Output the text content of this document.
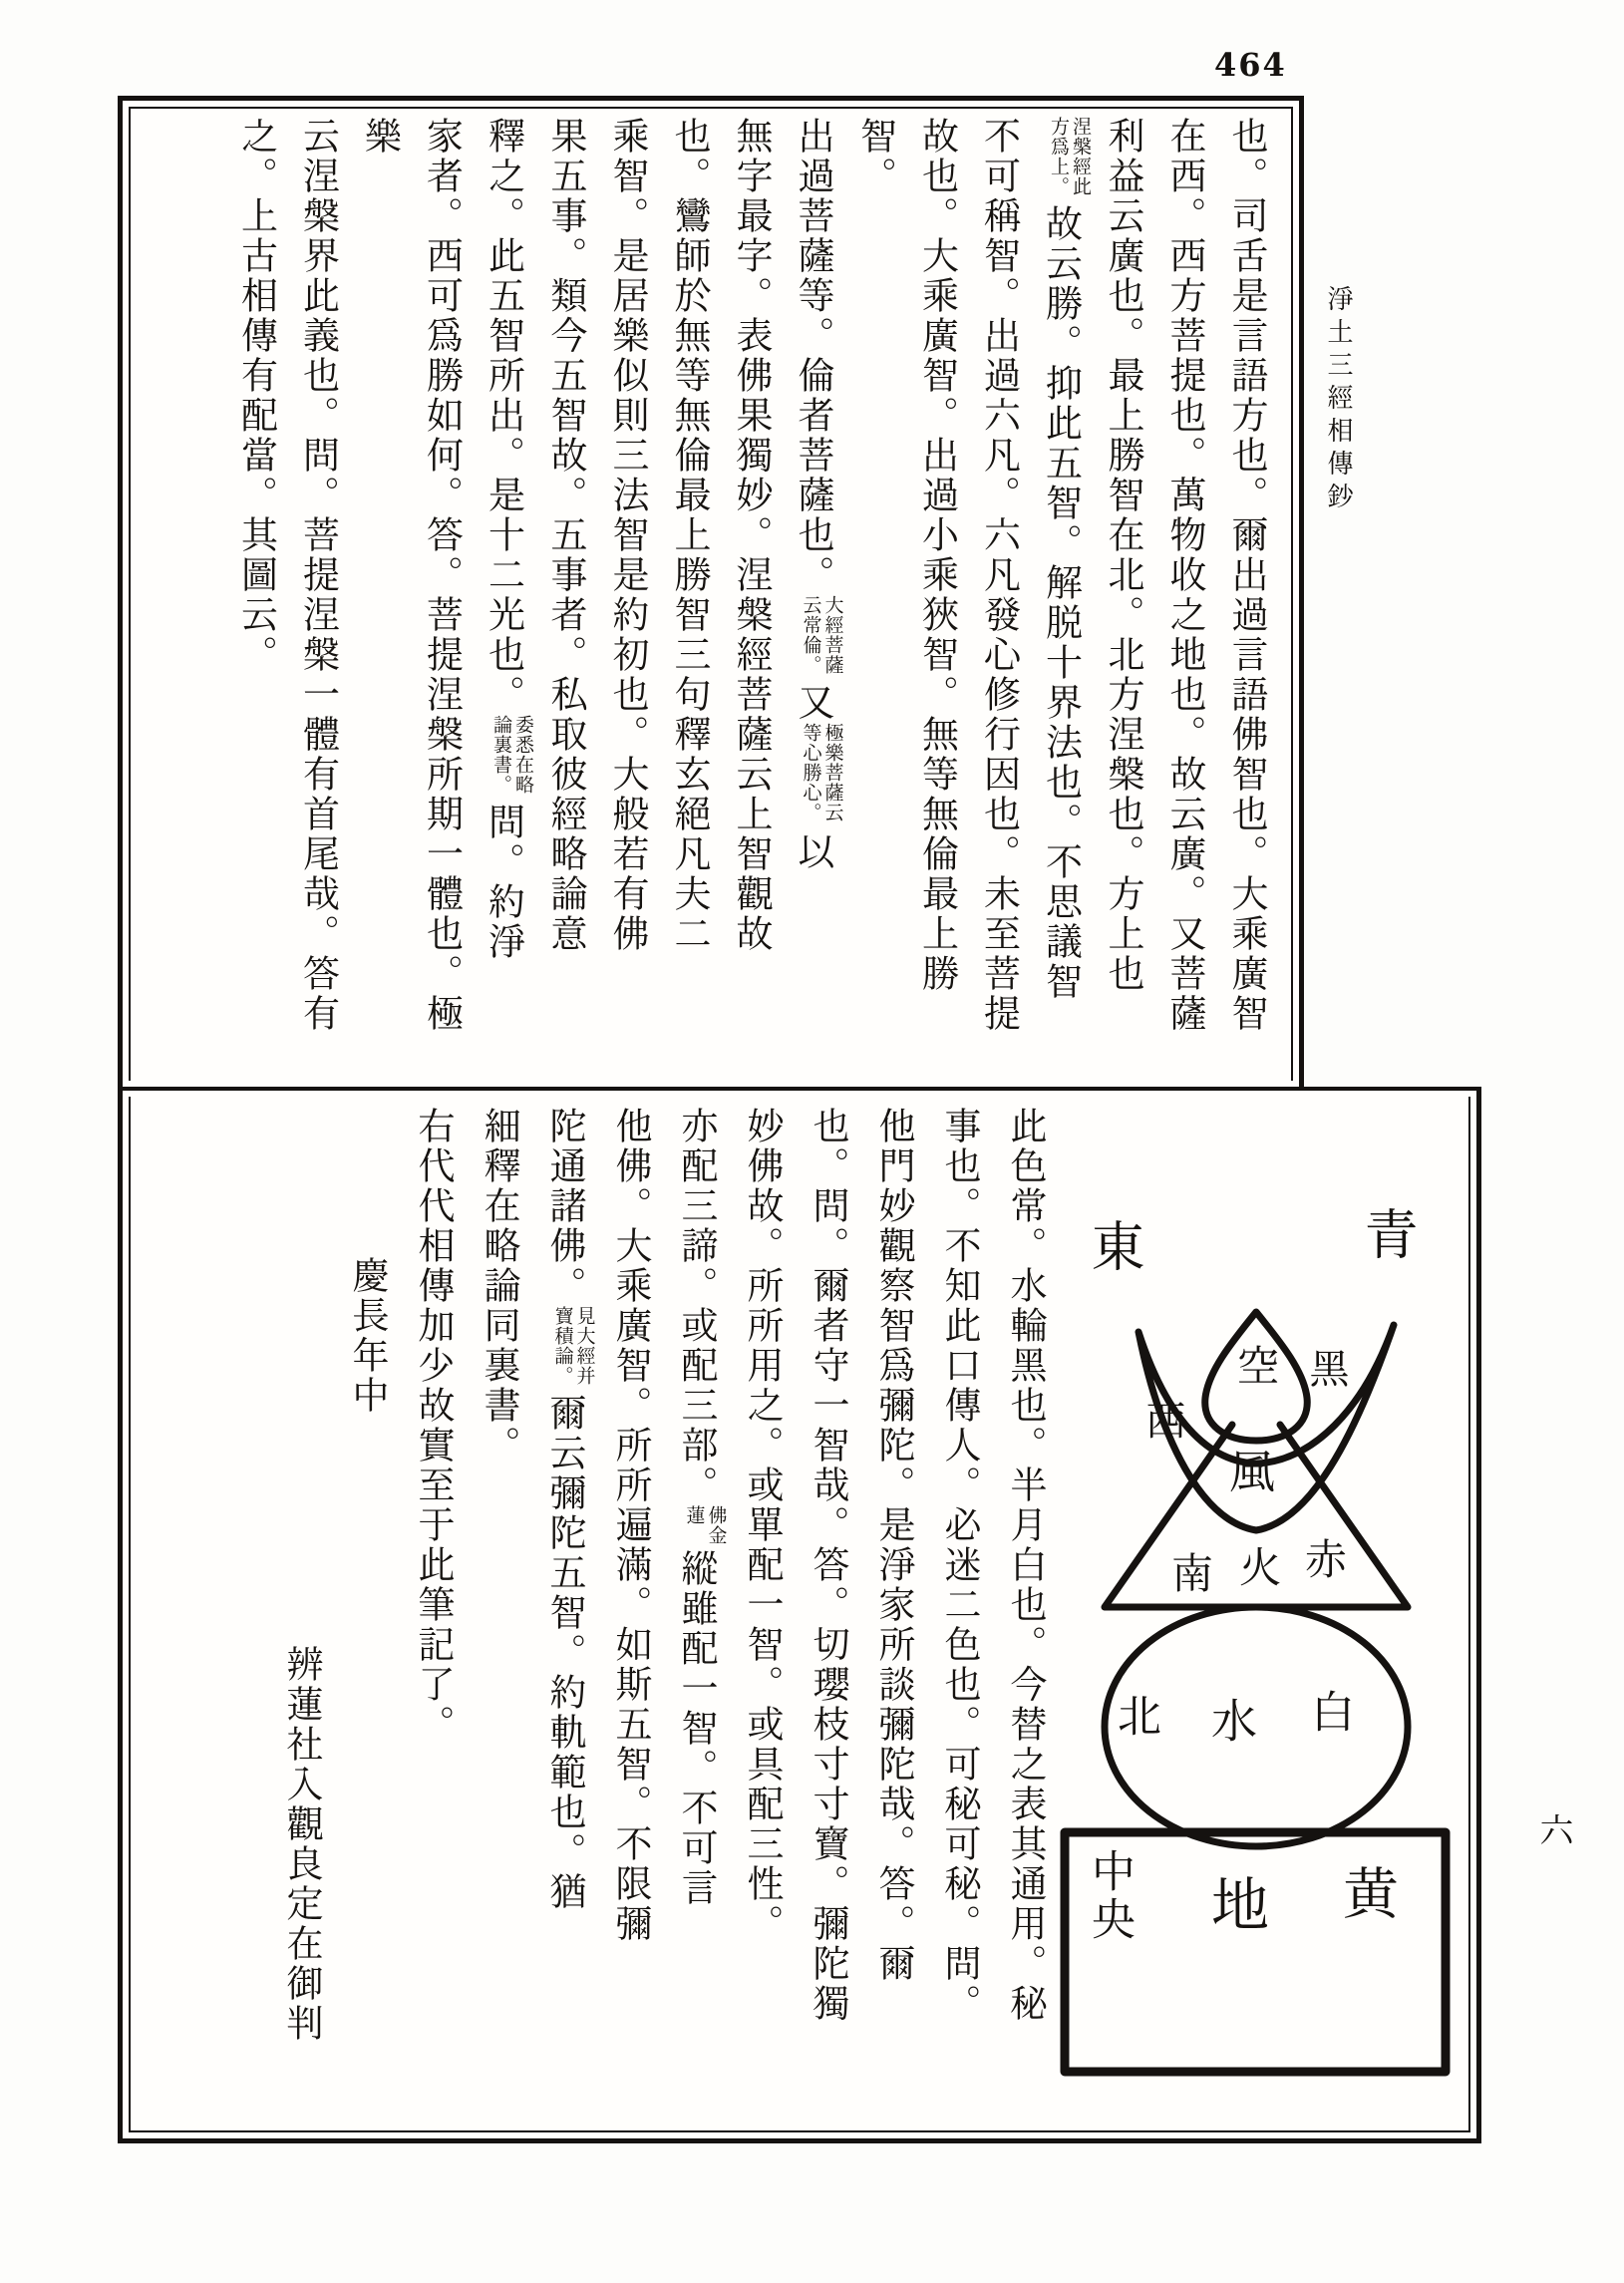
464
淨土三經相傳鈔
六
也。司舌是言語方也。爾出過言語佛智也。大乘廣智
在西。西方菩提也。萬物收之地也。故云廣。又菩薩
利益云廣也。最上勝智在北。北方涅槃也。方上也
涅槃經此方爲上。故云勝。抑此五智。解脱十界法也。不思議智
不可稱智。出過六凡。六凡發心修行因也。未至菩提
故也。大乘廣智。出過小乘狹智。無等無倫最上勝智。
出過菩薩等。倫者菩薩也。大經菩薩云常倫。又極樂菩薩云等心勝心。以
無字最字。表佛果獨妙。涅槃經菩薩云上智觀故
也。鸞師於無等無倫最上勝智三句釋玄絕凡夫二
乘智。是居樂似則三法智是約初也。大般若有佛
果五事。類今五智故。五事者。私取彼經略論意
釋之。此五智所出。是十二光也。委悉在略論裏書。問。約淨
家者。西可爲勝如何。答。菩提涅槃所期一體也。極樂
云涅槃界此義也。問。菩提涅槃一體有首尾哉。答有
之。上古相傳有配當。其圖云。
此色常。水輪黑也。半月白也。今替之表其通用。秘
事也。不知此口傳人。必迷二色也。可秘可秘。問。
他門妙觀察智爲彌陀。是淨家所談彌陀哉。答。爾
也。問。爾者守一智哉。答。切瓔枝寸寸寶。彌陀獨
妙佛故。所所用之。或單配一智。或具配三性。
亦配三諦。或配三部。佛金蓮縱雖配一智。不可言
他佛。大乘廣智。所所遍滿。如斯五智。不限彌
陀通諸佛。見大經并寶積論。爾云彌陀五智。約軌範也。猶
細釋在略論同裏書。
右代代相傳加少故實至于此筆記了。
慶長年中
辨蓮社入觀良定在御判
東	青
空
西
風
黑
南 火 赤
北 水 白
中央 地 黄
